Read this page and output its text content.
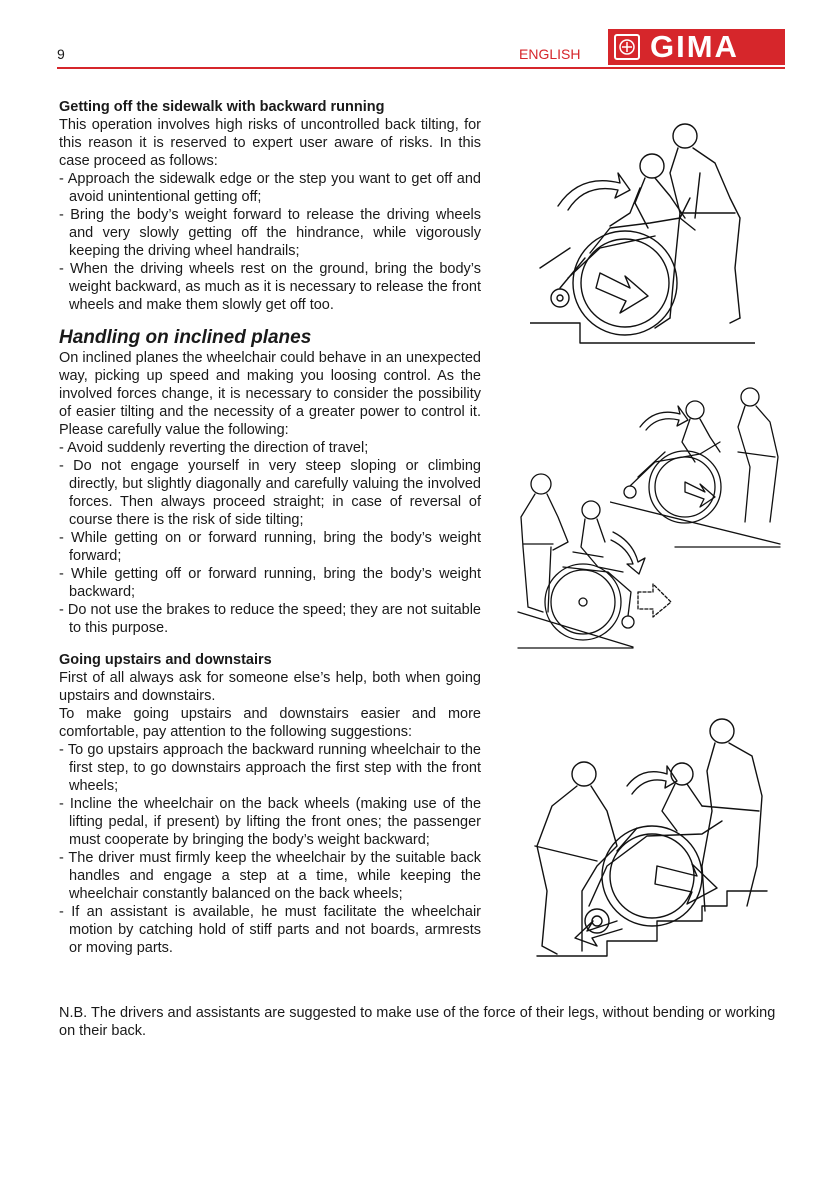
9	ENGLISH GIMA
Getting off the sidewalk with backward running

This operation involves high risks of uncontrolled back tilting, for this reason it is reserved to expert user aware of risks. In this case proceed as follows:

- Approach the sidewalk edge or the step you want to get off and avoid unintentional getting off;
- Bring the body’s weight forward to release the driving wheels and very slowly getting off the hindrance, while vigorously keeping the driving wheel handrails;
- When the driving wheels rest on the ground, bring the body’s weight backward, as much as it is necessary to release the front wheels and make them slowly get off too.
Handling on inclined planes

On inclined planes the wheelchair could behave in an unexpected way, picking up speed and making you loosing control. As the involved forces change, it is necessary to consider the possibility of easier tilting and the necessity of a greater power to control it. Please carefully value the following:

- Avoid suddenly reverting the direction of travel;
- Do not engage yourself in very steep sloping or climbing directly, but slightly diagonally and carefully valuing the involved forces. Then always proceed straight; in case of reversal of course there is the risk of side tilting;
- While getting on or forward running, bring the body’s weight forward;
- While getting off or forward running, bring the body’s weight backward;
- Do not use the brakes to reduce the speed; they are not suitable to this purpose.
Going upstairs and downstairs

First of all always ask for someone else’s help, both when going upstairs and downstairs.

To make going upstairs and downstairs easier and more comfortable, pay attention to the following suggestions:

- To go upstairs approach the backward running wheelchair to the first step, to go downstairs approach the first step with the front wheels;
- Incline the wheelchair on the back wheels (making use of the lifting pedal, if present) by lifting the front ones; the passenger must cooperate by bringing the body’s weight backward;
- The driver must firmly keep the wheelchair by the suitable back handles and engage a step at a time, while keeping the wheelchair constantly balanced on the back wheels;
- If an assistant is available, he must facilitate the wheelchair motion by catching hold of stiff parts and not boards, armrests or moving parts.

N.B. The drivers and assistants are suggested to make use of the force of their legs, without bending or working on their back.
